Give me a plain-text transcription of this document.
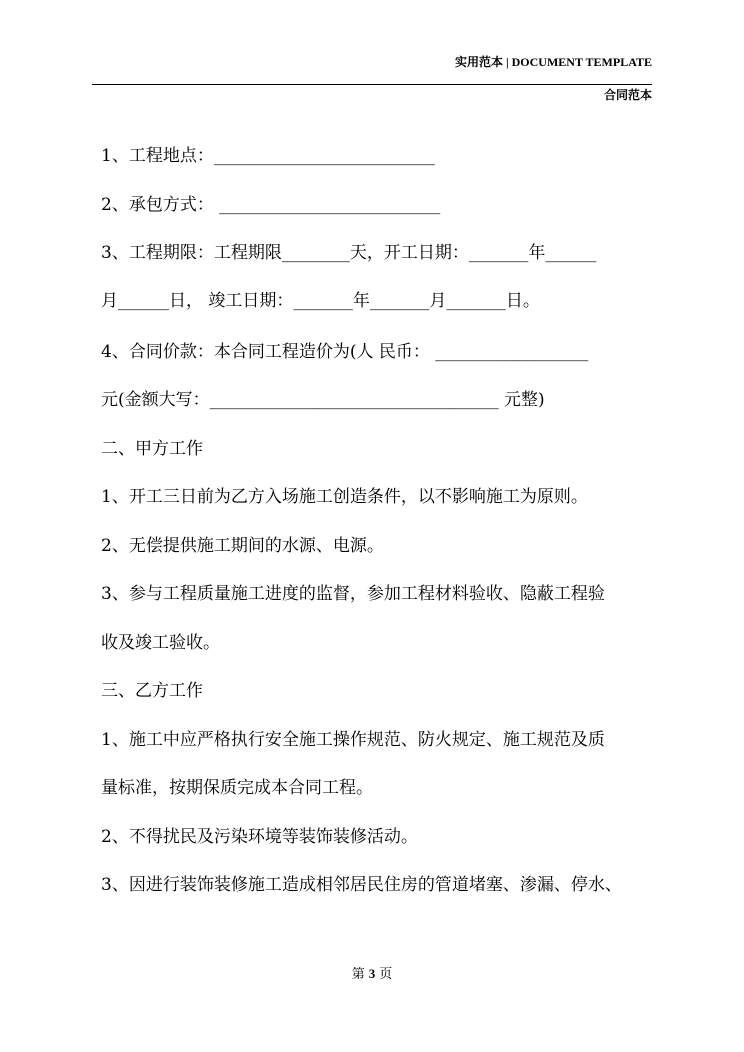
实用范本 | DOCUMENT TEMPLATE
合同范本
1、工程地点：__________________________
2、承包方式： __________________________
3、工程期限：工程期限________天，开工日期：_______年______
月______日， 竣工日期：_______年_______月_______日。
4、合同价款：本合同工程造价为(人 民币： __________________
元(金额大写：__________________________________ 元整)
二、甲方工作
1、开工三日前为乙方入场施工创造条件，以不影响施工为原则。
2、无偿提供施工期间的水源、电源。
3、参与工程质量施工进度的监督，参加工程材料验收、隐蔽工程验
收及竣工验收。
三、乙方工作
1、施工中应严格执行安全施工操作规范、防火规定、施工规范及质
量标准，按期保质完成本合同工程。
2、不得扰民及污染环境等装饰装修活动。
3、因进行装饰装修施工造成相邻居民住房的管道堵塞、渗漏、停水、
第 3 页
